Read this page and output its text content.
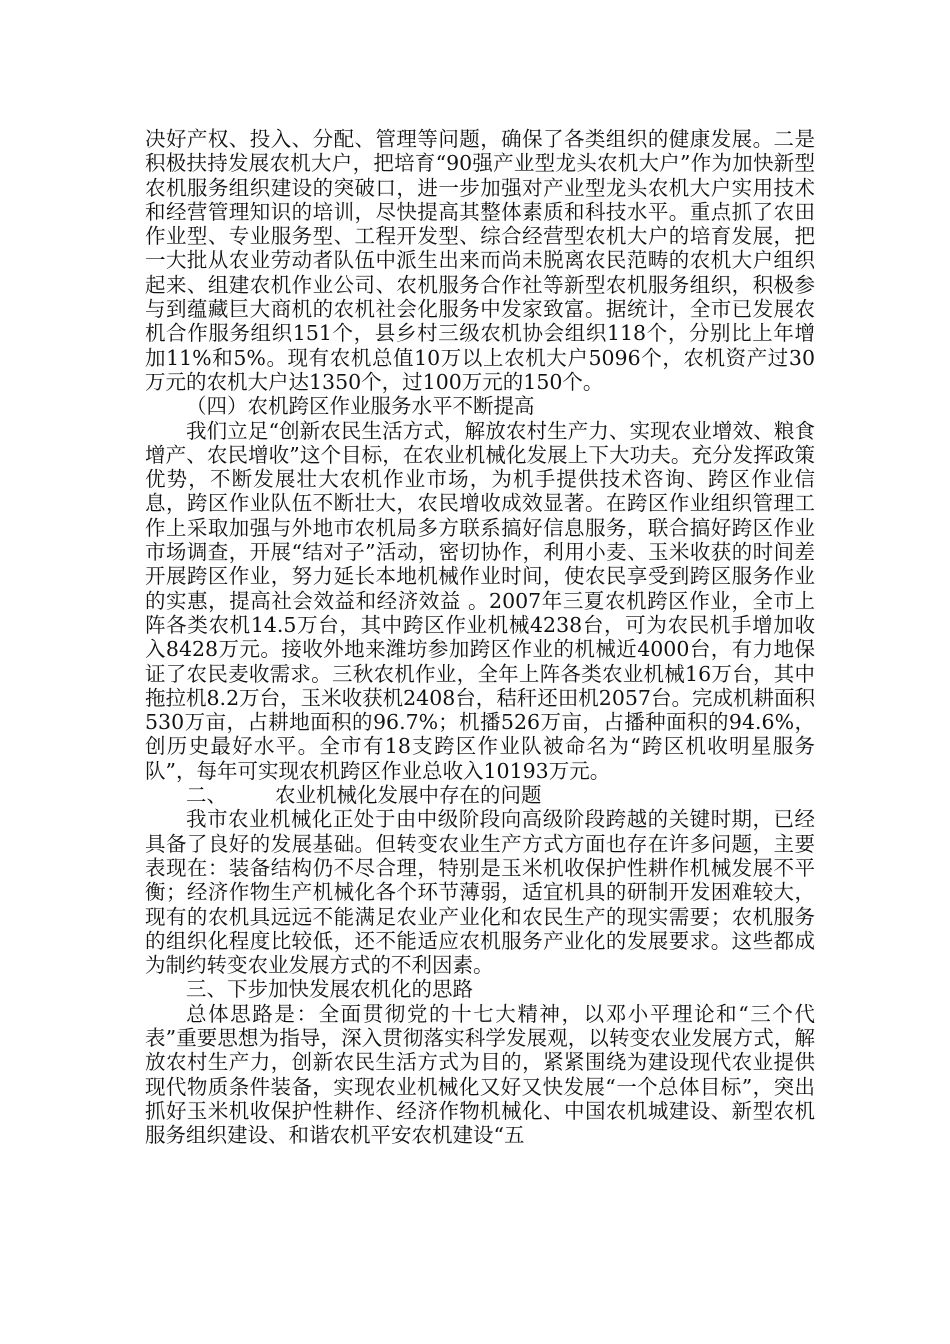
决好产权、投入、分配、管理等问题，确保了各类组织的健康发展。二是积极扶持发展农机大户，把培育“90强产业型龙头农机大户”作为加快新型农机服务组织建设的突破口，进一步加强对产业型龙头农机大户实用技术和经营管理知识的培训，尽快提高其整体素质和科技水平。重点抓了农田作业型、专业服务型、工程开发型、综合经营型农机大户的培育发展，把一大批从农业劳动者队伍中派生出来而尚未脱离农民范畴的农机大户组织起来、组建农机作业公司、农机服务合作社等新型农机服务组织，积极参与到蕴藏巨大商机的农机社会化服务中发家致富。据统计，全市已发展农机合作服务组织151个，县乡村三级农机协会组织118个，分别比上年增加11%和5%。现有农机总值10万以上农机大户5096个，农机资产过30万元的农机大户达1350个，过100万元的150个。

（四）农机跨区作业服务水平不断提高

我们立足“创新农民生活方式，解放农村生产力、实现农业增效、粮食增产、农民增收”这个目标，在农业机械化发展上下大功夫。充分发挥政策优势，不断发展壮大农机作业市场，为机手提供技术咨询、跨区作业信息，跨区作业队伍不断壮大，农民增收成效显著。在跨区作业组织管理工作上采取加强与外地市农机局多方联系搞好信息服务，联合搞好跨区作业市场调查，开展“结对子”活动，密切协作，利用小麦、玉米收获的时间差开展跨区作业，努力延长本地机械作业时间，使农民享受到跨区服务作业的实惠，提高社会效益和经济效益 。2007年三夏农机跨区作业，全市上阵各类农机14.5万台，其中跨区作业机械4238台，可为农民机手增加收入8428万元。接收外地来潍坊参加跨区作业的机械近4000台，有力地保证了农民麦收需求。三秋农机作业，全年上阵各类农业机械16万台，其中拖拉机8.2万台，玉米收获机2408台，秸秆还田机2057台。完成机耕面积530万亩，占耕地面积的96.7%；机播526万亩，占播种面积的94.6%，创历史最好水平。全市有18支跨区作业队被命名为“跨区机收明星服务队”，每年可实现农机跨区作业总收入10193万元。

二、 农业机械化发展中存在的问题

我市农业机械化正处于由中级阶段向高级阶段跨越的关键时期，已经具备了良好的发展基础。但转变农业生产方式方面也存在许多问题，主要表现在：装备结构仍不尽合理，特别是玉米机收保护性耕作机械发展不平衡；经济作物生产机械化各个环节薄弱，适宜机具的研制开发困难较大，现有的农机具远远不能满足农业产业化和农民生产的现实需要；农机服务的组织化程度比较低，还不能适应农机服务产业化的发展要求。这些都成为制约转变农业发展方式的不利因素。

三、下步加快发展农机化的思路

总体思路是：全面贯彻党的十七大精神，以邓小平理论和“三个代表”重要思想为指导，深入贯彻落实科学发展观，以转变农业发展方式，解放农村生产力，创新农民生活方式为目的，紧紧围绕为建设现代农业提供现代物质条件装备，实现农业机械化又好又快发展“一个总体目标”，突出抓好玉米机收保护性耕作、经济作物机械化、中国农机城建设、新型农机服务组织建设、和谐农机平安农机建设“五
